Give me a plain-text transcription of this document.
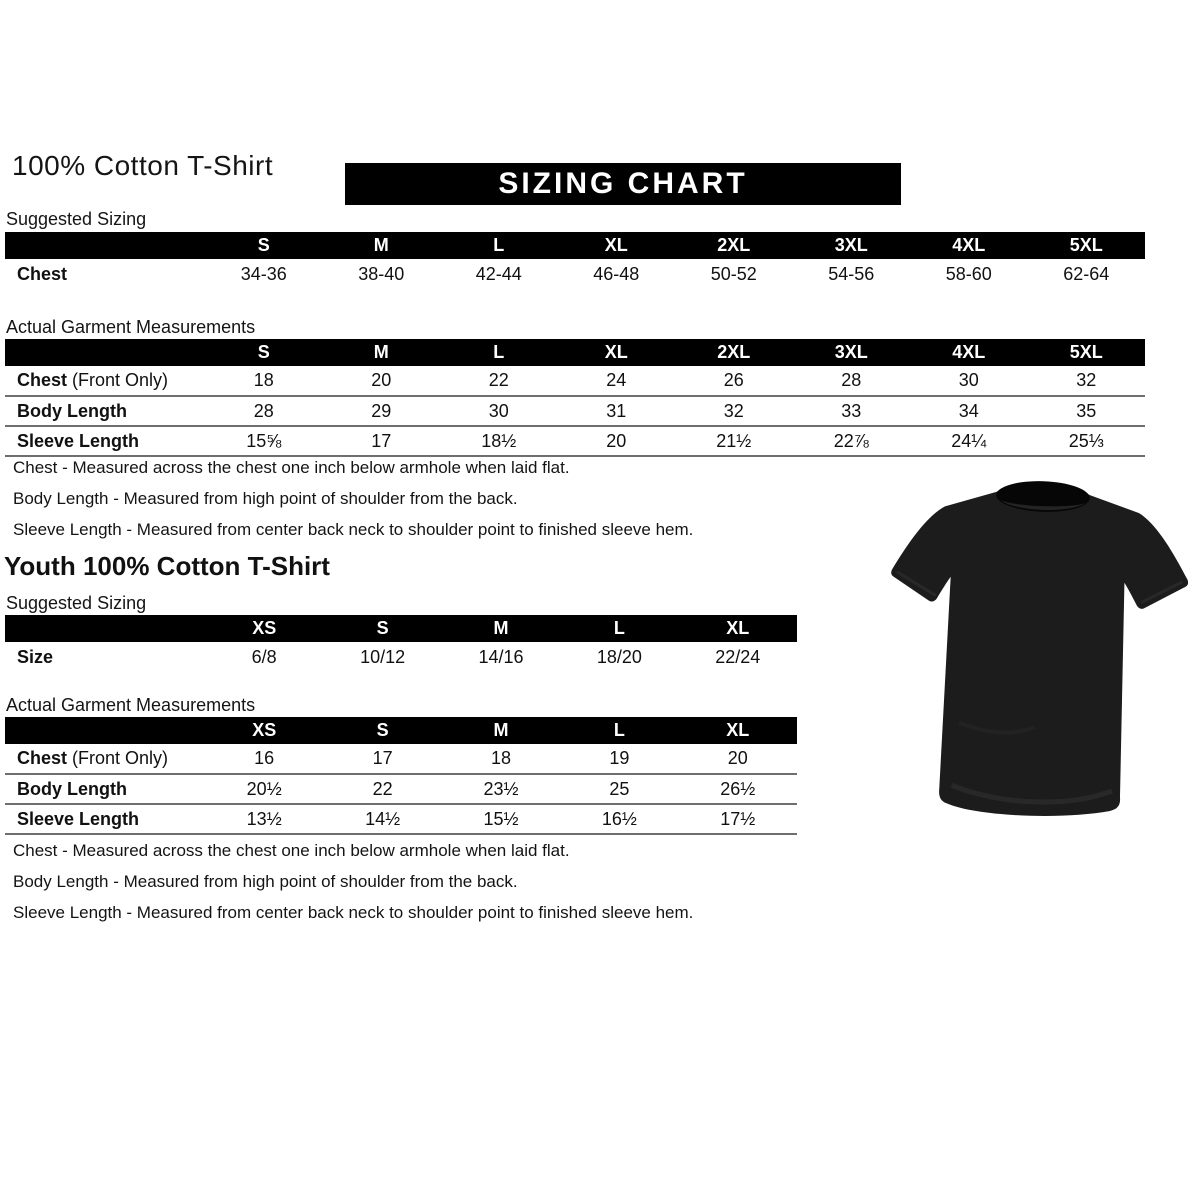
100% Cotton T-Shirt
SIZING CHART
Suggested Sizing
	S	M	L	XL	2XL	3XL	4XL	5XL
Chest	34-36	38-40	42-44	46-48	50-52	54-56	58-60	62-64
Actual Garment Measurements
	S	M	L	XL	2XL	3XL	4XL	5XL
Chest (Front Only)	18	20	22	24	26	28	30	32
Body Length	28	29	30	31	32	33	34	35
Sleeve Length	15⅝	17	18½	20	21½	22⅞	24¼	25⅓
Chest - Measured across the chest one inch below armhole when laid flat.
Body Length - Measured from high point of shoulder from the back.
Sleeve Length - Measured from center back neck to shoulder point to finished sleeve hem.
Youth 100% Cotton T-Shirt
Suggested Sizing
	XS	S	M	L	XL
Size	6/8	10/12	14/16	18/20	22/24
Actual Garment Measurements
	XS	S	M	L	XL
Chest (Front Only)	16	17	18	19	20
Body Length	20½	22	23½	25	26½
Sleeve Length	13½	14½	15½	16½	17½
Chest - Measured across the chest one inch below armhole when laid flat.
Body Length - Measured from high point of shoulder from the back.
Sleeve Length - Measured from center back neck to shoulder point to finished sleeve hem.
